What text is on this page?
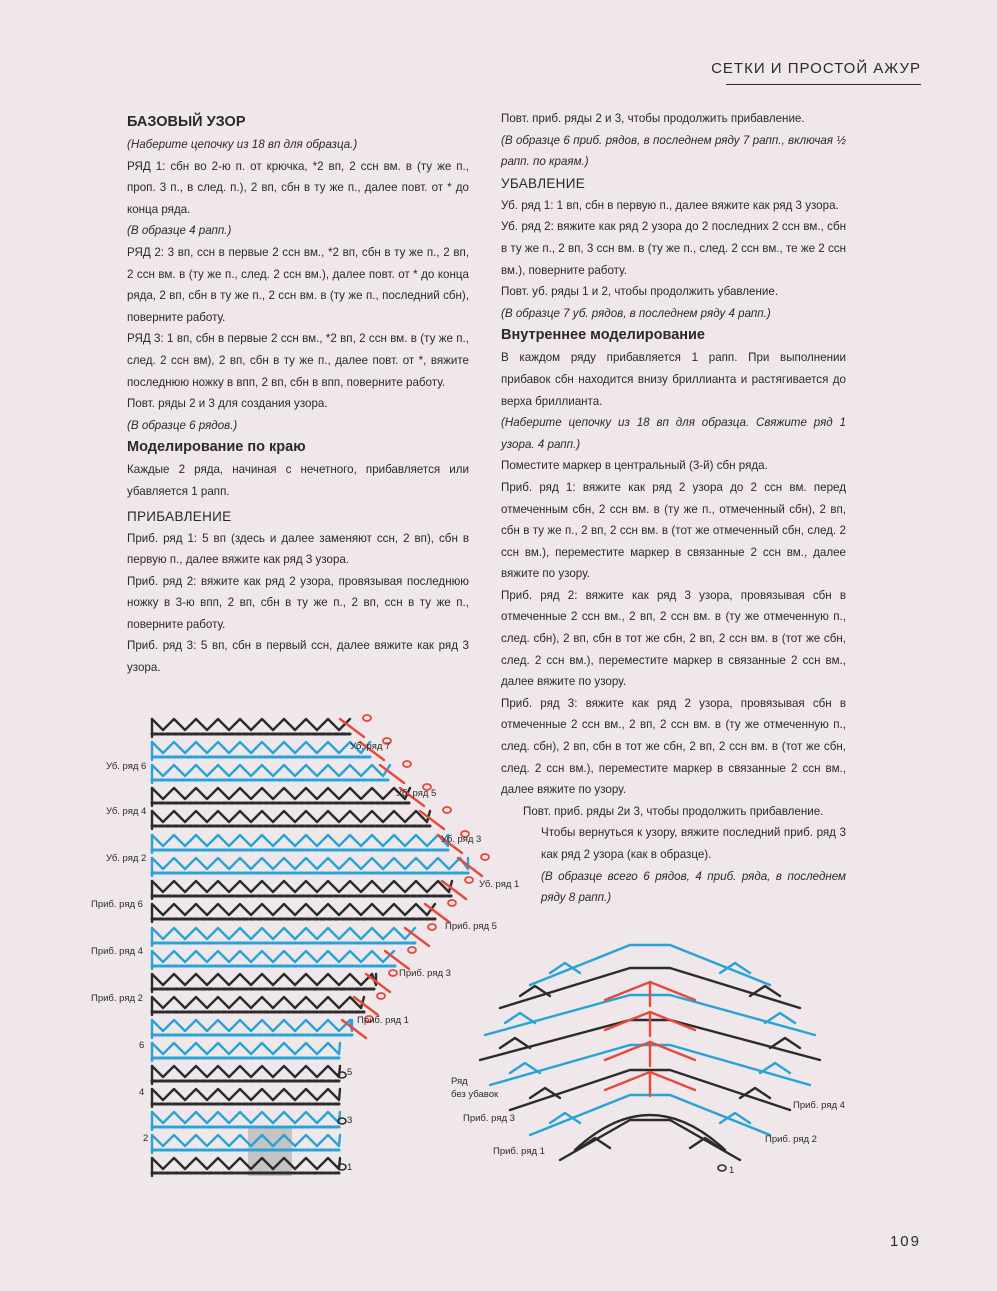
СЕТКИ И ПРОСТОЙ АЖУР
БАЗОВЫЙ УЗОР

(Наберите цепочку из 18 вп для образца.)

РЯД 1: сбн во 2-ю п. от крючка, *2 вп, 2 ссн вм. в (ту же п., проп. 3 п., в след. п.), 2 вп, сбн в ту же п., далее повт. от * до конца ряда.

(В образце 4 рапп.)

РЯД 2: 3 вп, ссн в первые 2 ссн вм., *2 вп, сбн в ту же п., 2 вп, 2 ссн вм. в (ту же п., след. 2 ссн вм.), далее повт. от * до конца ряда, 2 вп, сбн в ту же п., 2 ссн вм. в (ту же п., последний сбн), поверните работу.

РЯД 3: 1 вп, сбн в первые 2 ссн вм., *2 вп, 2 ссн вм. в (ту же п., след. 2 ссн вм), 2 вп, сбн в ту же п., далее повт. от *, вяжите последнюю ножку в впп, 2 вп, сбн в впп, поверните работу.

Повт. ряды 2 и 3 для создания узора.

(В образце 6 рядов.)

Моделирование по краю

Каждые 2 ряда, начиная с нечетного, прибавляется или убавляется 1 рапп.

ПРИБАВЛЕНИЕ

Приб. ряд 1: 5 вп (здесь и далее заменяют ссн, 2 вп), сбн в первую п., далее вяжите как ряд 3 узора.

Приб. ряд 2: вяжите как ряд 2 узора, провязывая последнюю ножку в 3-ю впп, 2 вп, сбн в ту же п., 2 вп, ссн в ту же п., поверните работу.

Приб. ряд 3: 5 вп, сбн в первый ссн, далее вяжите как ряд 3 узора.

Повт. приб. ряды 2 и 3, чтобы продолжить прибавление.

(В образце 6 приб. рядов, в последнем ряду 7 рапп., включая ½ рапп. по краям.)

УБАВЛЕНИЕ

Уб. ряд 1: 1 вп, сбн в первую п., далее вяжите как ряд 3 узора.

Уб. ряд 2: вяжите как ряд 2 узора до 2 последних 2 ссн вм., сбн в ту же п., 2 вп, 3 ссн вм. в (ту же п., след. 2 ссн вм., те же 2 ссн вм.), поверните работу.

Повт. уб. ряды 1 и 2, чтобы продолжить убавление.

(В образце 7 уб. рядов, в последнем ряду 4 рапп.)

Внутреннее моделирование

В каждом ряду прибавляется 1 рапп. При выполнении прибавок сбн находится внизу бриллианта и растягивается до верха бриллианта.

(Наберите цепочку из 18 вп для образца. Свяжите ряд 1 узора. 4 рапп.)

Поместите маркер в центральный (3-й) сбн ряда.

Приб. ряд 1: вяжите как ряд 2 узора до 2 ссн вм. перед отмеченным сбн, 2 ссн вм. в (ту же п., отмеченный сбн), 2 вп, сбн в ту же п., 2 вп, 2 ссн вм. в (тот же отмеченный сбн, след. 2 ссн вм.), переместите маркер в связанные 2 ссн вм., далее вяжите по узору.

Приб. ряд 2: вяжите как ряд 3 узора, провязывая сбн в отмеченные 2 ссн вм., 2 вп, 2 ссн вм. в (ту же отмеченную п., след. сбн), 2 вп, сбн в тот же сбн, 2 вп, 2 ссн вм. в (тот же сбн, след. 2 ссн вм.), переместите маркер в связанные 2 ссн вм., далее вяжите по узору.

Приб. ряд 3: вяжите как ряд 2 узора, провязывая сбн в отмеченные 2 ссн вм., 2 вп, 2 ссн вм. в (ту же отмеченную п., след. сбн), 2 вп, сбн в тот же сбн, 2 вп, 2 ссн вм. в (тот же сбн, след. 2 ссн вм.), переместите маркер в связанные 2 ссн вм., далее вяжите по узору.

Повт. приб. ряды 2и 3, чтобы продолжить прибавление.

Чтобы вернуться к узору, вяжите последний приб. ряд 3 как ряд 2 узора (как в образце).

(В образце всего 6 рядов, 4 приб. ряда, в последнем ряду 8 рапп.)

Уб. ряд 6
Уб. ряд 4
Уб. ряд 2
Приб. ряд 6
Приб. ряд 4
Приб. ряд 2
6
4
2
Уб. ряд 7
Уб. ряд 5
Уб. ряд 3
Уб. ряд 1
Приб. ряд 5
Приб. ряд 3
Приб. ряд 1
5
3
1
Ряд
без убавок
Приб. ряд 3
Приб. ряд 1
Приб. ряд 4
Приб. ряд 2
1
109
